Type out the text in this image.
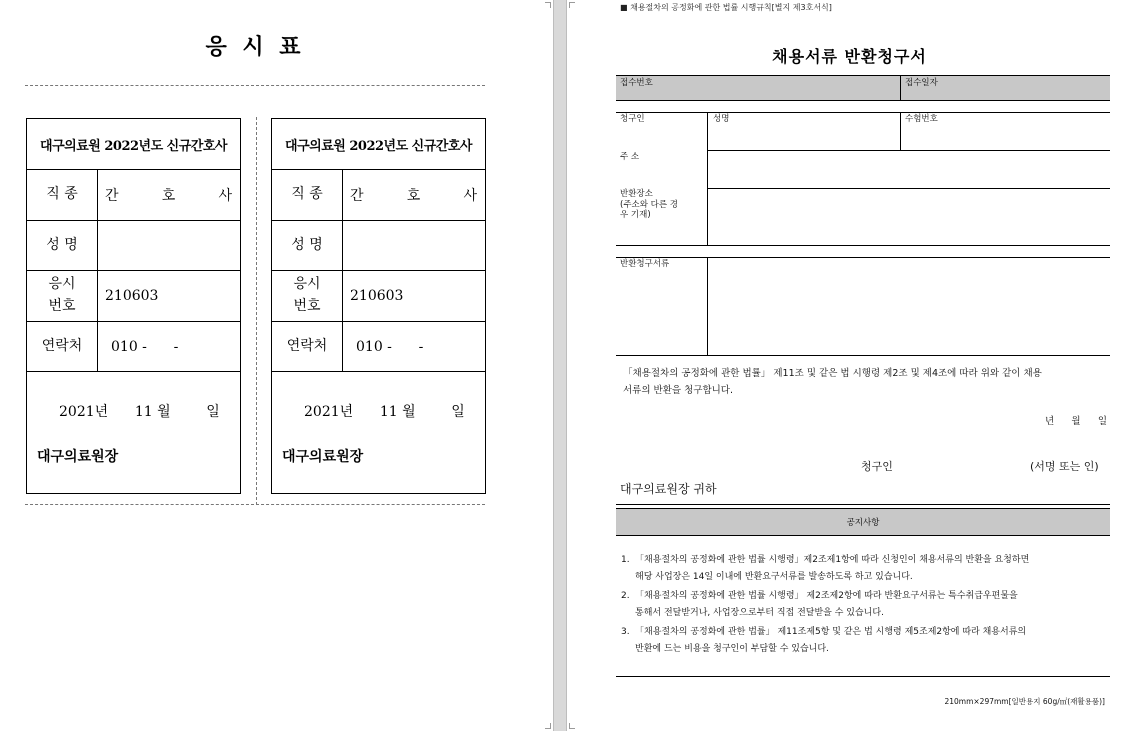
응 시 표
대구의료원 2022년도 신규간호사
직 종	간	호	사
성 명
응시
번호
210603
연락처	010 -      -
2021년      11 월        일
대구의료원장
대구의료원 2022년도 신규간호사
직 종	간	호	사
성 명
응시
번호
210603
연락처	010 -      -
2021년      11 월        일
대구의료원장
■ 채용절차의 공정화에 관한 법률 시행규칙[별지 제3호서식]
채용서류 반환청구서
접수번호	접수일자
청구인	성명	수험번호
주 소
반환장소
(주소와 다른 경
우 기재)
반환청구서류
「채용절차의 공정화에 관한 법률」 제11조 및 같은 법 시행령 제2조 및 제4조에 따라 위와 같이 채용
서류의 반환을 청구합니다.
년 월 일
청구인	(서명 또는 인)
대구의료원장 귀하
공지사항
1. 「채용절차의 공정화에 관한 법률 시행령」제2조제1항에 따라 신청인이 채용서류의 반환을 요청하면
해당 사업장은 14일 이내에 반환요구서류를 발송하도록 하고 있습니다.
2. 「채용절차의 공정화에 관한 법률 시행령」 제2조제2항에 따라 반환요구서류는 특수취급우편물을
통해서 전달받거나, 사업장으로부터 직접 전달받을 수 있습니다.
3. 「채용절차의 공정화에 관한 법률」 제11조제5항 및 같은 법 시행령 제5조제2항에 따라 채용서류의
반환에 드는 비용을 청구인이 부담할 수 있습니다.
210mm×297mm[일반용지 60g/㎡(재활용품)]
